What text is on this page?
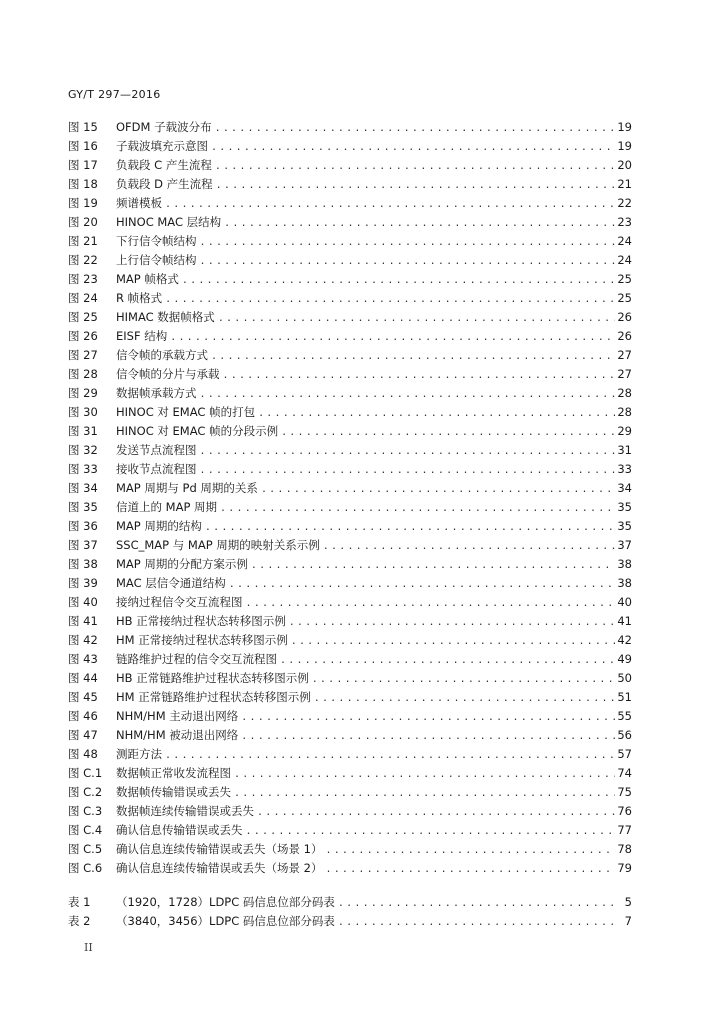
GY/T 297—2016
图 15	OFDM 子载波分布 .....	19
图 16	子载波填充示意图 .....	19
图 17	负载段 C 产生流程 .....	20
图 18	负载段 D 产生流程 .....	21
图 19	频谱模板 .....	22
图 20	HINOC MAC 层结构 .....	23
图 21	下行信令帧结构 .....	24
图 22	上行信令帧结构 .....	24
图 23	MAP 帧格式 .....	25
图 24	R 帧格式 .....	25
图 25	HIMAC 数据帧格式 .....	26
图 26	EISF 结构 .....	26
图 27	信令帧的承载方式 .....	27
图 28	信令帧的分片与承载 .....	27
图 29	数据帧承载方式 .....	28
图 30	HINOC 对 EMAC 帧的打包 .....	28
图 31	HINOC 对 EMAC 帧的分段示例 .....	29
图 32	发送节点流程图 .....	31
图 33	接收节点流程图 .....	33
图 34	MAP 周期与 Pd 周期的关系 .....	34
图 35	信道上的 MAP 周期 .....	35
图 36	MAP 周期的结构 .....	35
图 37	SSC_MAP 与 MAP 周期的映射关系示例 .....	37
图 38	MAP 周期的分配方案示例 .....	38
图 39	MAC 层信令通道结构 .....	38
图 40	接纳过程信令交互流程图 .....	40
图 41	HB 正常接纳过程状态转移图示例 .....	41
图 42	HM 正常接纳过程状态转移图示例 .....	42
图 43	链路维护过程的信令交互流程图 .....	49
图 44	HB 正常链路维护过程状态转移图示例 .....	50
图 45	HM 正常链路维护过程状态转移图示例 .....	51
图 46	NHM/HM 主动退出网络 .....	55
图 47	NHM/HM 被动退出网络 .....	56
图 48	测距方法 .....	57
图 C.1	数据帧正常收发流程图 .....	74
图 C.2	数据帧传输错误或丢失 .....	75
图 C.3	数据帧连续传输错误或丢失 .....	76
图 C.4	确认信息传输错误或丢失 .....	77
图 C.5	确认信息连续传输错误或丢失（场景 1） .....	78
图 C.6	确认信息连续传输错误或丢失（场景 2） .....	79
表 1	（1920，1728）LDPC 码信息位部分码表 .....	5
表 2	（3840，3456）LDPC 码信息位部分码表 .....	7
II
